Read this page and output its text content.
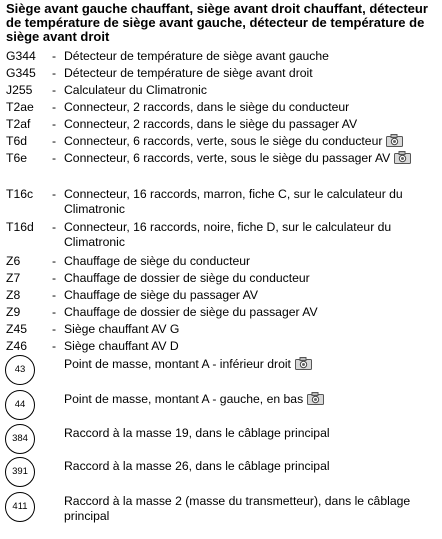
Siège avant gauche chauffant, siège avant droit chauffant, détecteur de température de siège avant gauche, détecteur de température de siège avant droit
G344 - Détecteur de température de siège avant gauche
G345 - Détecteur de température de siège avant droit
J255 - Calculateur du Climatronic
T2ae - Connecteur, 2 raccords, dans le siège du conducteur
T2af - Connecteur, 2 raccords, dans le siège du passager AV
T6d - Connecteur, 6 raccords, verte, sous le siège du conducteur
T6e - Connecteur, 6 raccords, verte, sous le siège du passager AV
T16c - Connecteur, 16 raccords, marron, fiche C, sur le calculateur du Climatronic
T16d - Connecteur, 16 raccords, noire, fiche D, sur le calculateur du Climatronic
Z6	- Chauffage de siège du conducteur
Z7	- Chauffage de dossier de siège du conducteur
Z8	- Chauffage de siège du passager AV
Z9	- Chauffage de dossier de siège du passager AV
Z45 - Siège chauffant AV G
Z46 - Siège chauffant AV D
43	Point de masse, montant A - inférieur droit
44	Point de masse, montant A - gauche, en bas
384	Raccord à la masse 19, dans le câblage principal
391	Raccord à la masse 26, dans le câblage principal
411	Raccord à la masse 2 (masse du transmetteur), dans le câblage principal
